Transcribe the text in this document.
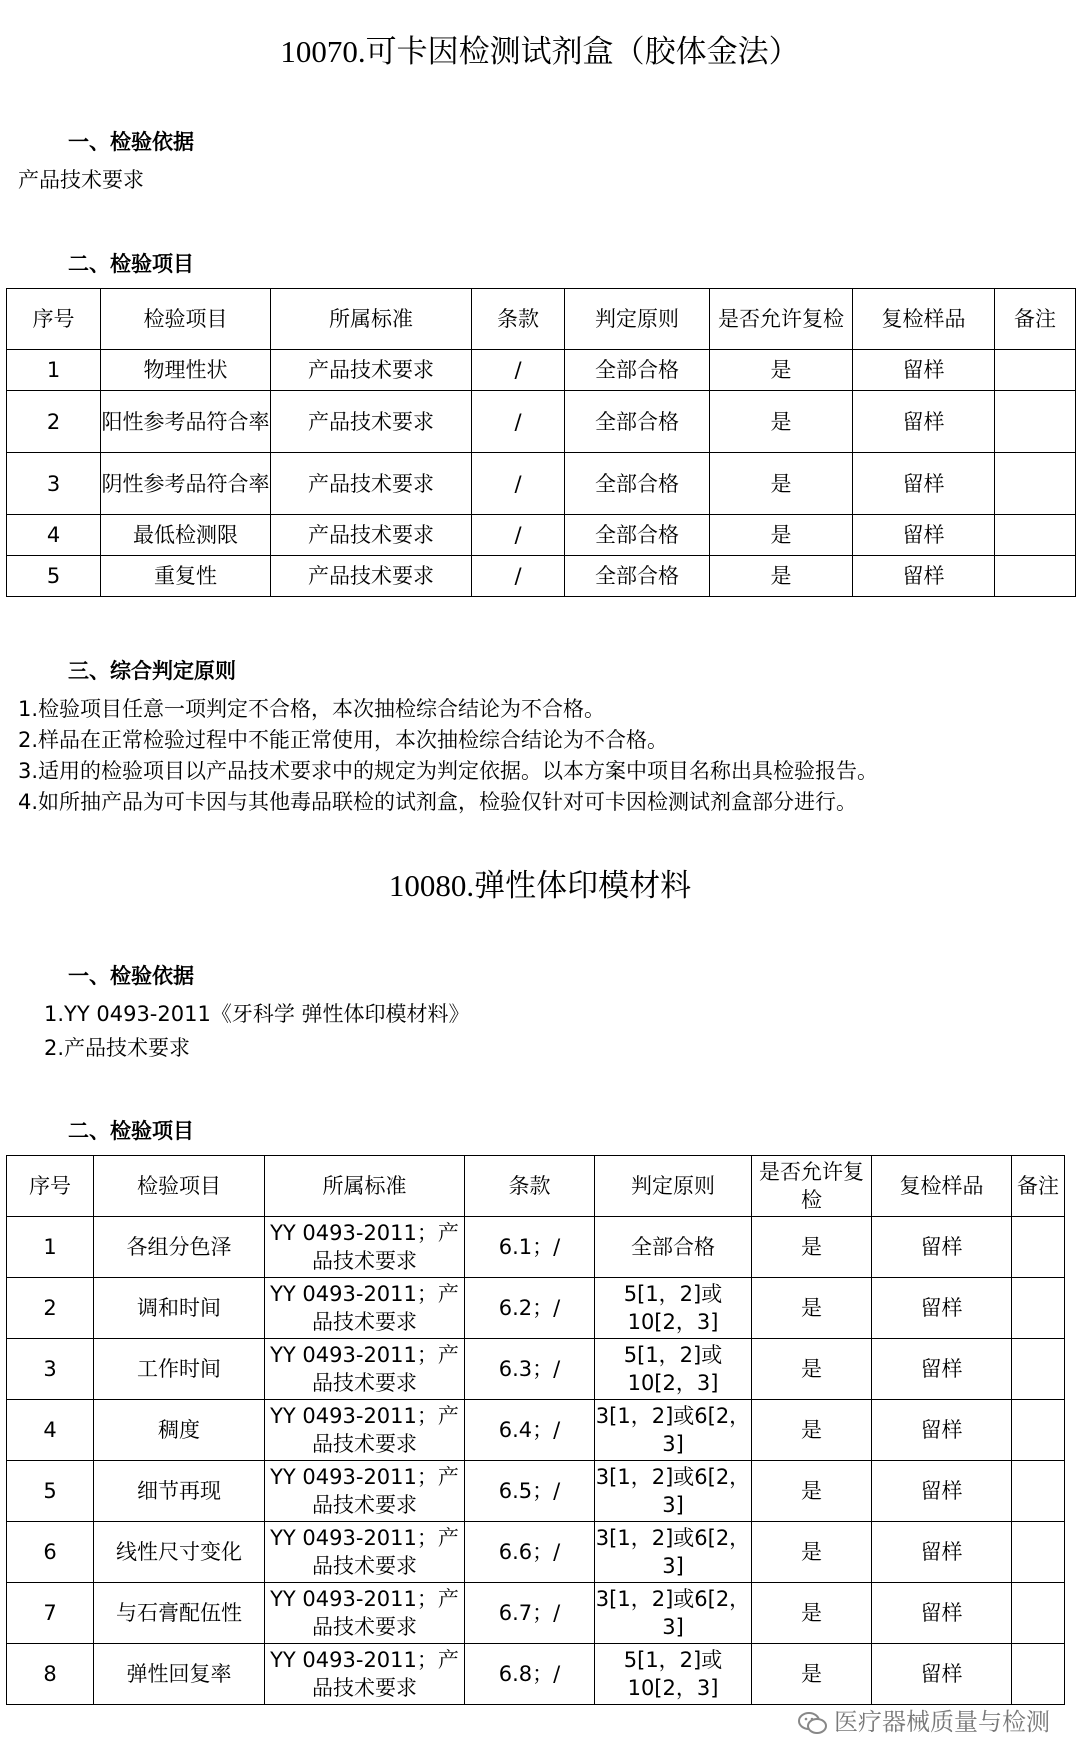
10070.可卡因检测试剂盒（胶体金法）
一、检验依据
产品技术要求
二、检验项目
序号	检验项目	所属标准	条款	判定原则	是否允许复检	复检样品	备注
1	物理性状	产品技术要求	/	全部合格	是	留样	
2	阳性参考品符合率	产品技术要求	/	全部合格	是	留样	
3	阴性参考品符合率	产品技术要求	/	全部合格	是	留样	
4	最低检测限	产品技术要求	/	全部合格	是	留样	
5	重复性	产品技术要求	/	全部合格	是	留样	
三、综合判定原则
1.检验项目任意一项判定不合格，本次抽检综合结论为不合格。
2.样品在正常检验过程中不能正常使用，本次抽检综合结论为不合格。
3.适用的检验项目以产品技术要求中的规定为判定依据。以本方案中项目名称出具检验报告。
4.如所抽产品为可卡因与其他毒品联检的试剂盒，检验仅针对可卡因检测试剂盒部分进行。
10080.弹性体印模材料
一、检验依据
1.YY 0493-2011《牙科学 弹性体印模材料》
2.产品技术要求
二、检验项目
序号	检验项目	所属标准	条款	判定原则	是否允许复检	复检样品	备注
1	各组分色泽	YY 0493-2011；产品技术要求	6.1；/	全部合格	是	留样	
2	调和时间	YY 0493-2011；产品技术要求	6.2；/	5[1，2]或10[2，3]	是	留样	
3	工作时间	YY 0493-2011；产品技术要求	6.3；/	5[1，2]或10[2，3]	是	留样	
4	稠度	YY 0493-2011；产品技术要求	6.4；/	3[1，2]或6[2，3]	是	留样	
5	细节再现	YY 0493-2011；产品技术要求	6.5；/	3[1，2]或6[2，3]	是	留样	
6	线性尺寸变化	YY 0493-2011；产品技术要求	6.6；/	3[1，2]或6[2，3]	是	留样	
7	与石膏配伍性	YY 0493-2011；产品技术要求	6.7；/	3[1，2]或6[2，3]	是	留样	
8	弹性回复率	YY 0493-2011；产品技术要求	6.8；/	5[1，2]或10[2，3]	是	留样	
医疗器械质量与检测
